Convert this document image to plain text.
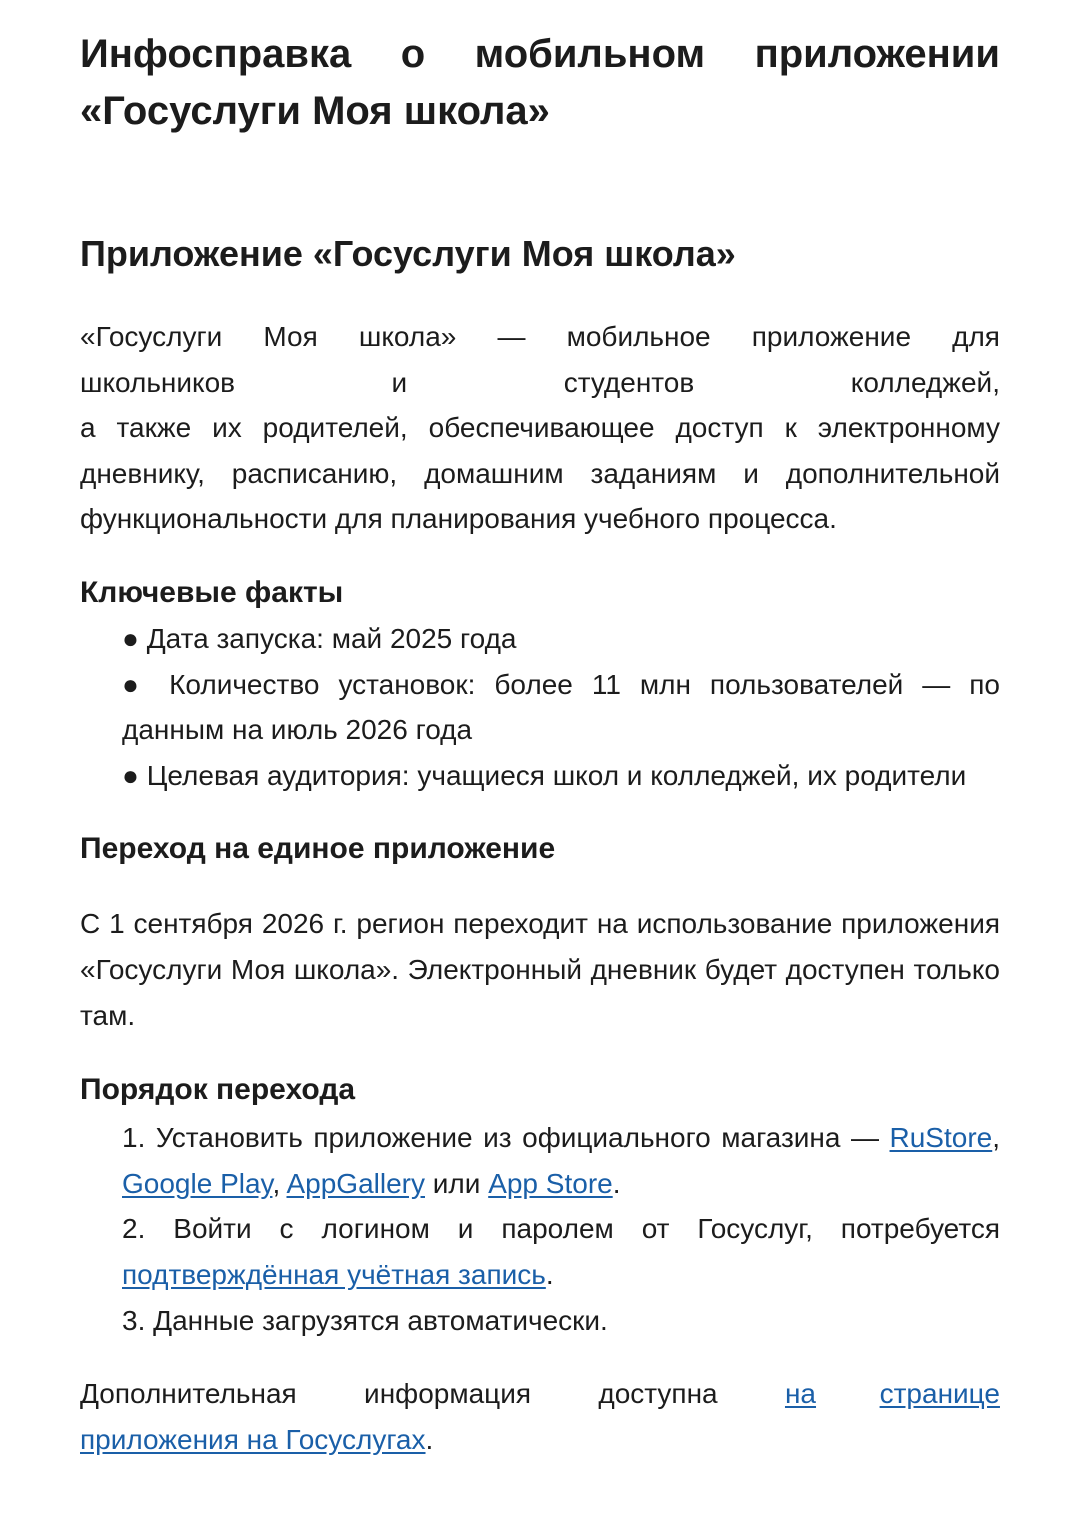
Инфосправка о мобильном приложении
«Госуслуги Моя школа»
Приложение «Госуслуги Моя школа»
«Госуслуги Моя школа» — мобильное приложение для
школьников	и	студентов	колледжей,
а также их родителей, обеспечивающее доступ к электронному дневнику, расписанию, домашним заданиям и дополнительной функциональности для планирования учебного процесса.
Ключевые факты
● Дата запуска: май 2025 года
● Количество установок: более 11 млн пользователей — по данным на июль 2026 года
● Целевая аудитория: учащиеся школ и колледжей, их родители
Переход на единое приложение

С 1 сентября 2026 г. регион переходит на использование приложения «Госуслуги Моя школа». Электронный дневник будет доступен только там.

Порядок перехода
1. Установить приложение из официального магазина — RuStore, Google Play, AppGallery или App Store.
2. Войти с логином и паролем от Госуслуг, потребуется подтверждённая учётная запись.
3. Данные загрузятся автоматически.
Дополнительная информация доступна на странице
приложения на Госуслугах.
